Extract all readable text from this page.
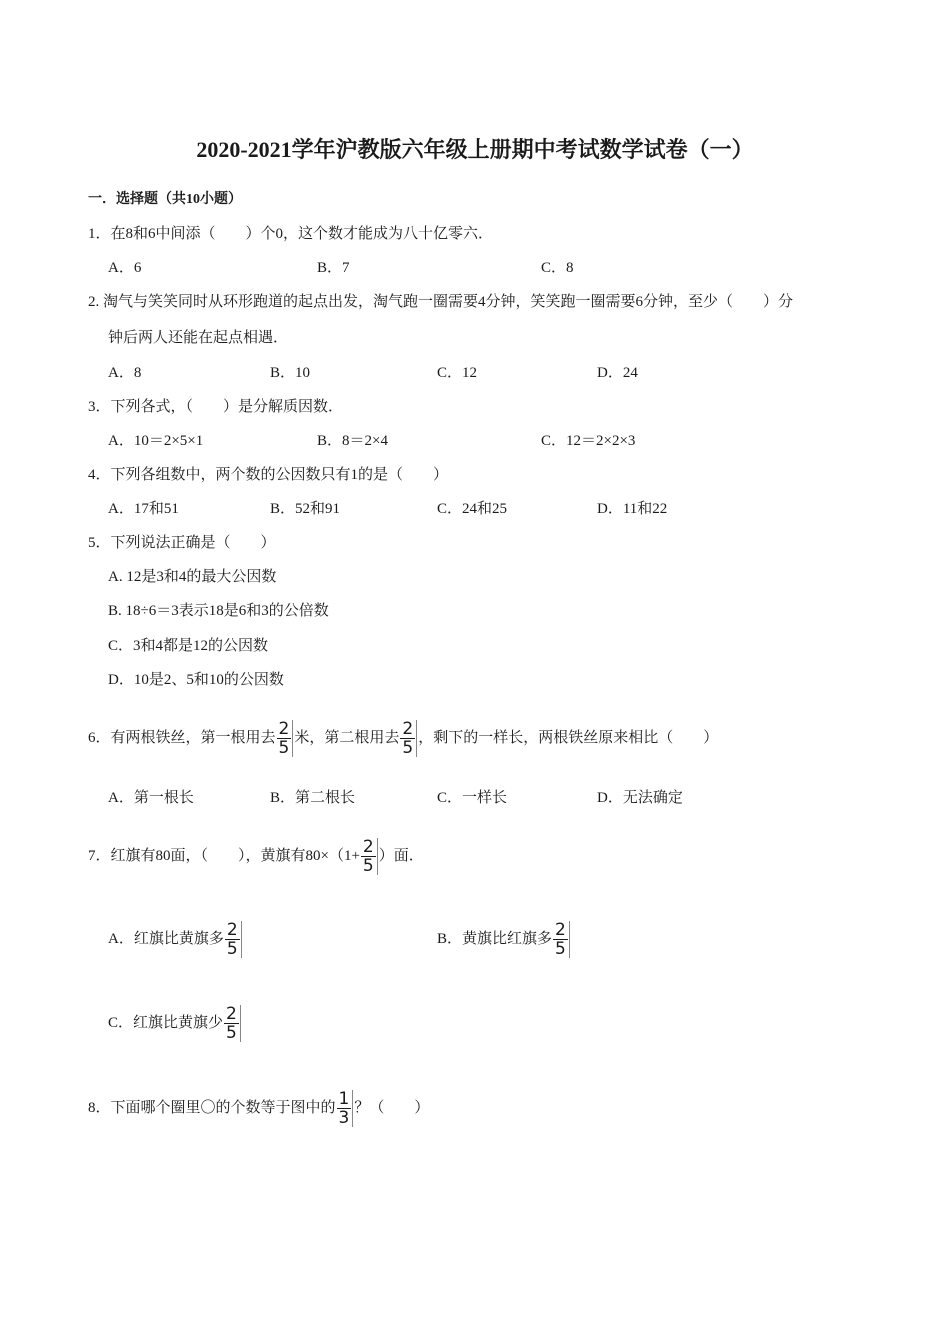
2020-2021学年沪教版六年级上册期中考试数学试卷（一）
一．选择题（共10小题）
1．在8和6中间添（　　）个0，这个数才能成为八十亿零六．
A．6	B．7	C．8
2. 淘气与笑笑同时从环形跑道的起点出发，淘气跑一圈需要4分钟，笑笑跑一圈需要6分钟，至少（　　）分
钟后两人还能在起点相遇．
A．8	B．10	C．12	D．24
3．下列各式，（　　）是分解质因数．
A．10＝2×5×1	B．8＝2×4	C．12＝2×2×3
4．下列各组数中，两个数的公因数只有1的是（　　）
A．17和51	B．52和91	C．24和25	D．11和22
5．下列说法正确是（　　）
A. 12是3和4的最大公因数
B. 18÷6＝3表示18是6和3的公倍数
C．3和4都是12的公因数
D．10是2、5和10的公因数
6．有两根铁丝，第一根用去 $\frac{2}{5}$ 米，第二根用去 $\frac{2}{5}$ ，剩下的一样长，两根铁丝原来相比（　　）
A．第一根长	B．第二根长	C．一样长	D．无法确定
7．红旗有80面，（　　），黄旗有$80\times(1+ \frac{2}{5}$ ）面．
A．红旗比黄旗多 $\frac{2}{5}$	B．黄旗比红旗多 $\frac{2}{5}$
C．红旗比黄旗少 $\frac{2}{5}$
8．下面哪个圈里〇的个数等于图中的 $\frac{1}{3}$ ？（　　）
